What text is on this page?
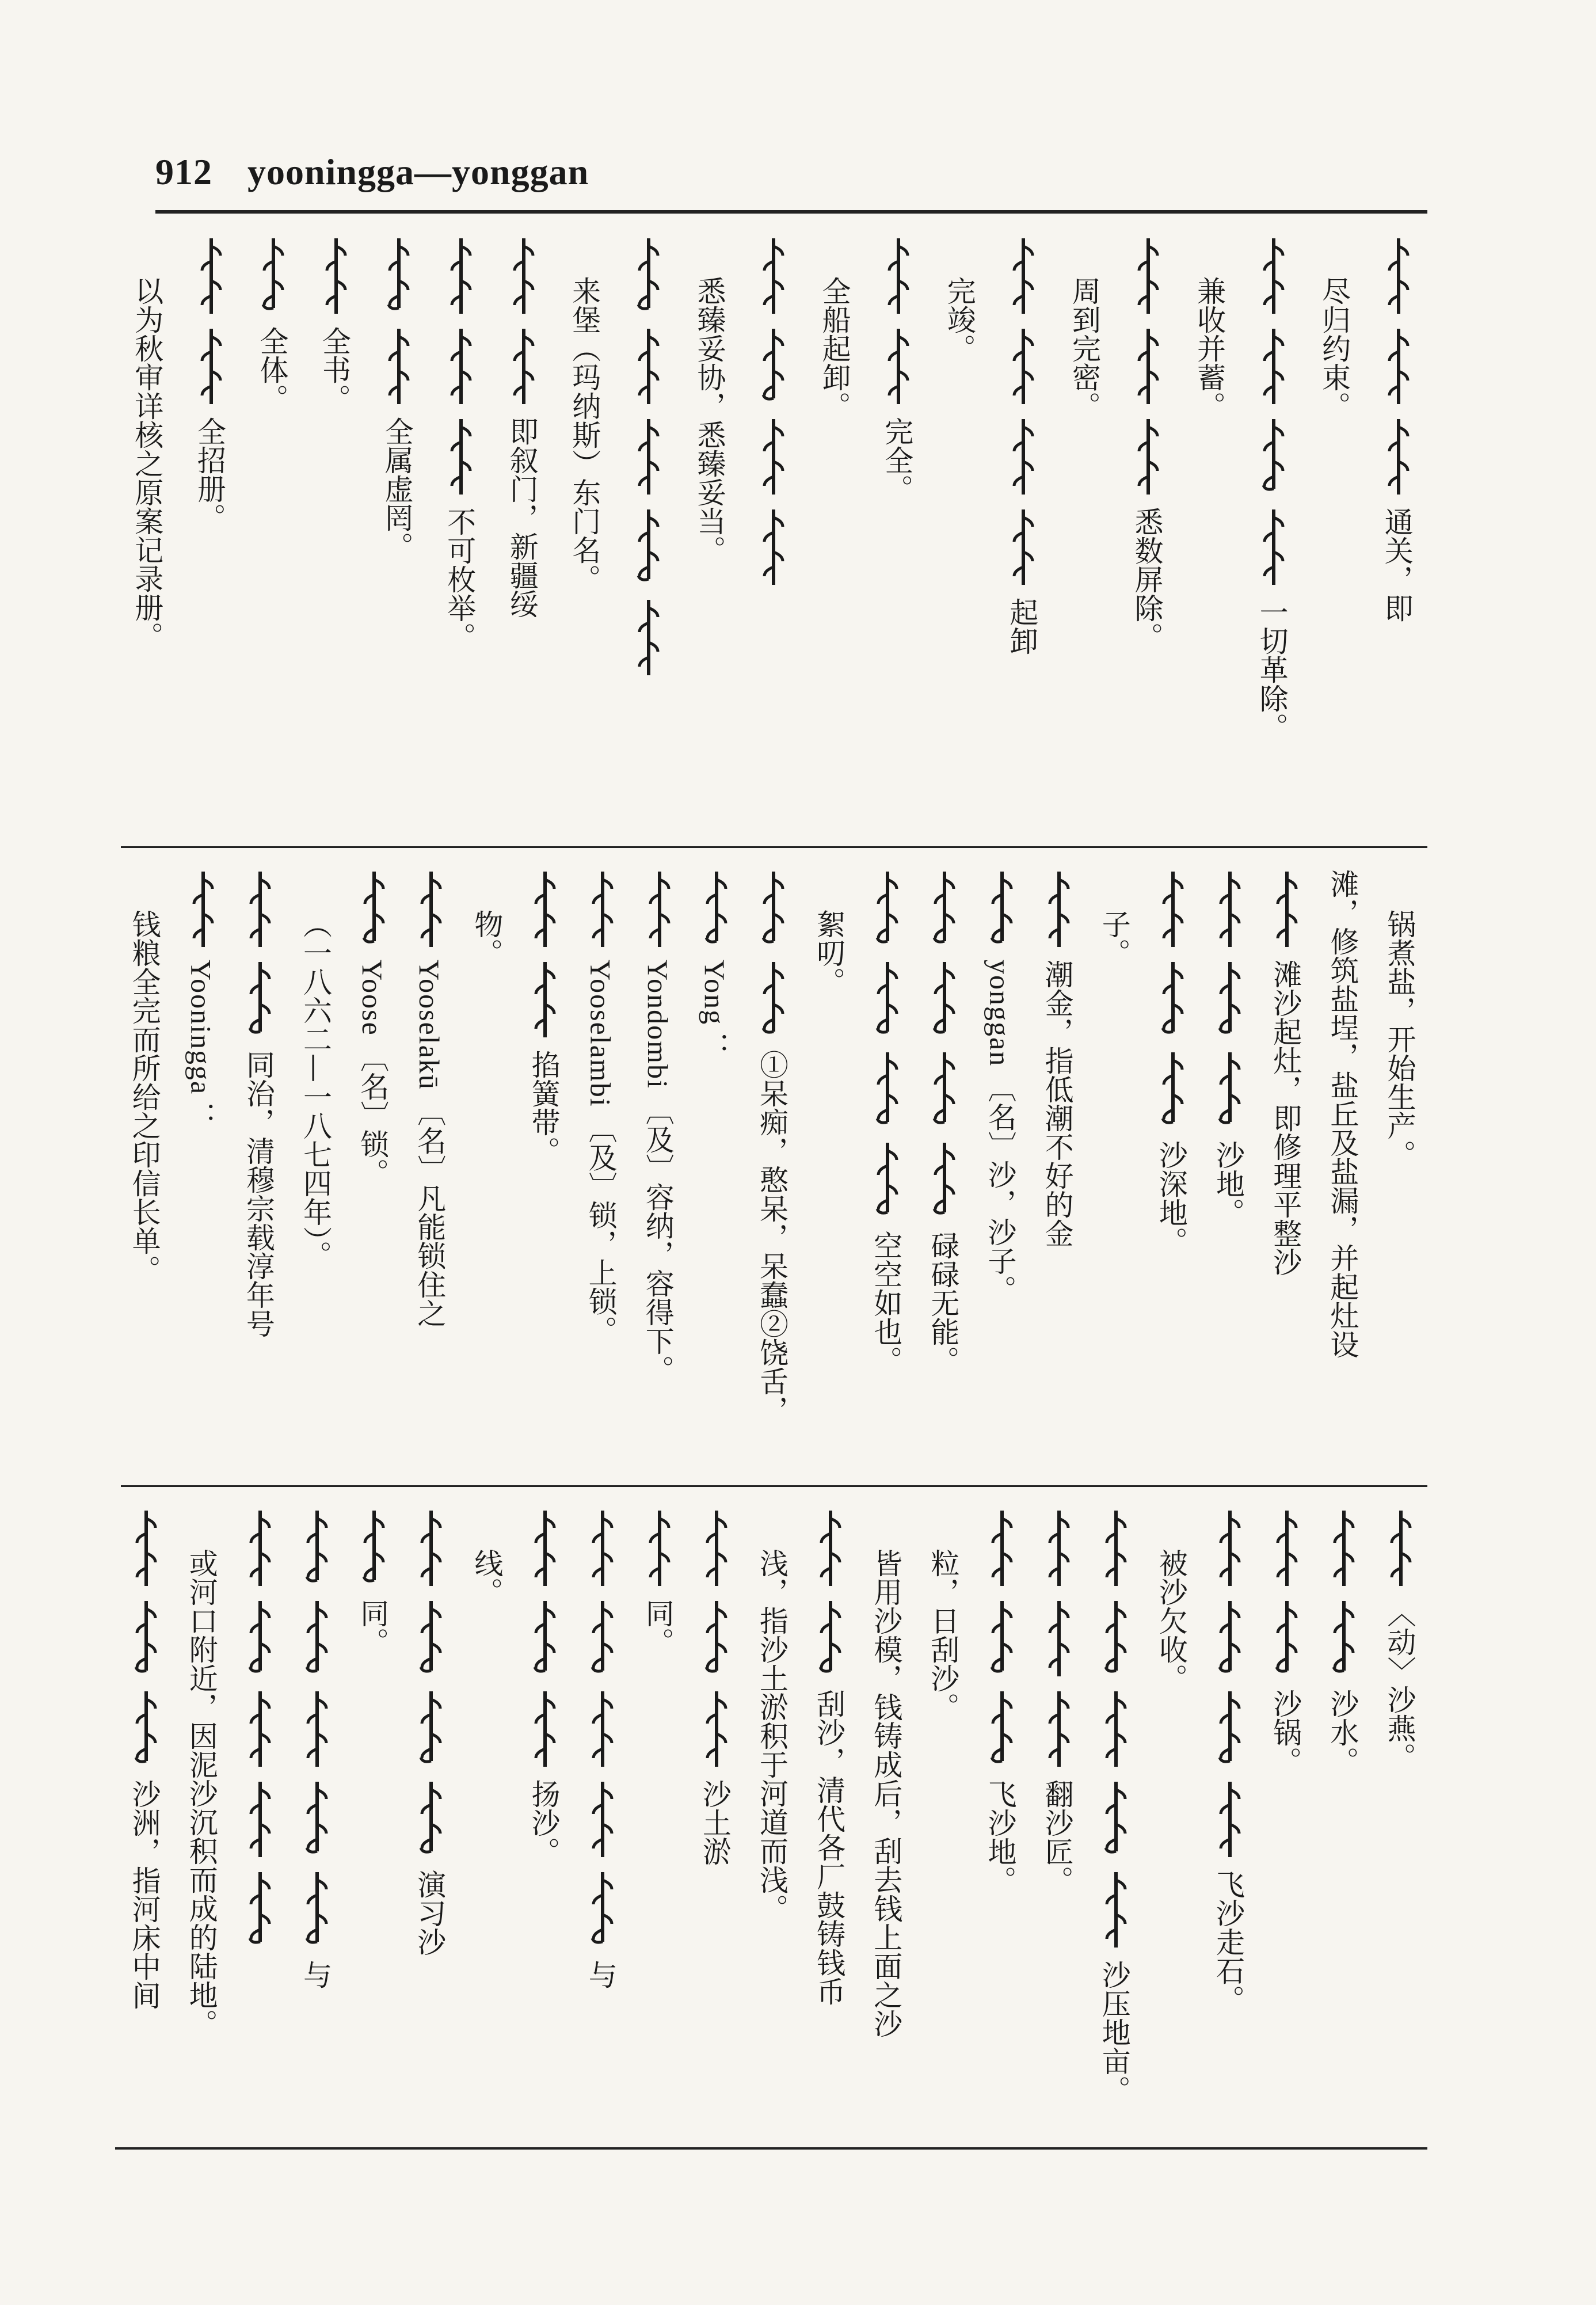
912 yooningga—yonggan
通关，即
尽归约束。
一切革除。
兼收并蓄。
悉数屏除。
周到完密。
起卸
完竣。
完全。
全船起卸。
悉臻妥协，悉臻妥当。
来堡（玛纳斯）东门名。
即叙门，新疆绥
不可枚举。
全属虚罔。
全书。
全体。
全招册。
以为秋审详核之原案记录册。
锅煮盐，开始生产。
滩，修筑盐埕，盐丘及盐漏，并起灶设
滩沙起灶，即修理平整沙
沙地。
沙深地。
子。
潮金，指低潮不好的金
yonggan〔名〕沙，沙子。
碌碌无能。
空空如也。
絮叨。
①呆痴，憨呆，呆蠢②饶舌，
Yong：
Yondombi〔及〕容纳，容得下。
Yooselambi〔及〕锁，上锁。
掐簧带。
物。
Yooselakū〔名〕凡能锁住之
Yoose〔名〕锁。
（一八六二—一八七四年）。
同治，清穆宗载淳年号
Yooningga：
钱粮全完而所给之印信长单。
〈动〉沙燕。
沙水。
沙锅。
飞沙走石。
被沙欠收。
沙压地亩。
翻沙匠。
飞沙地。
粒，日刮沙。
皆用沙模，钱铸成后，刮去钱上面之沙
刮沙，清代各厂鼓铸钱币
浅，指沙土淤积于河道而浅。
沙土淤
同。
与
扬沙。
线。
演习沙
同。
与
或河口附近，因泥沙沉积而成的陆地。
沙洲，指河床中间
